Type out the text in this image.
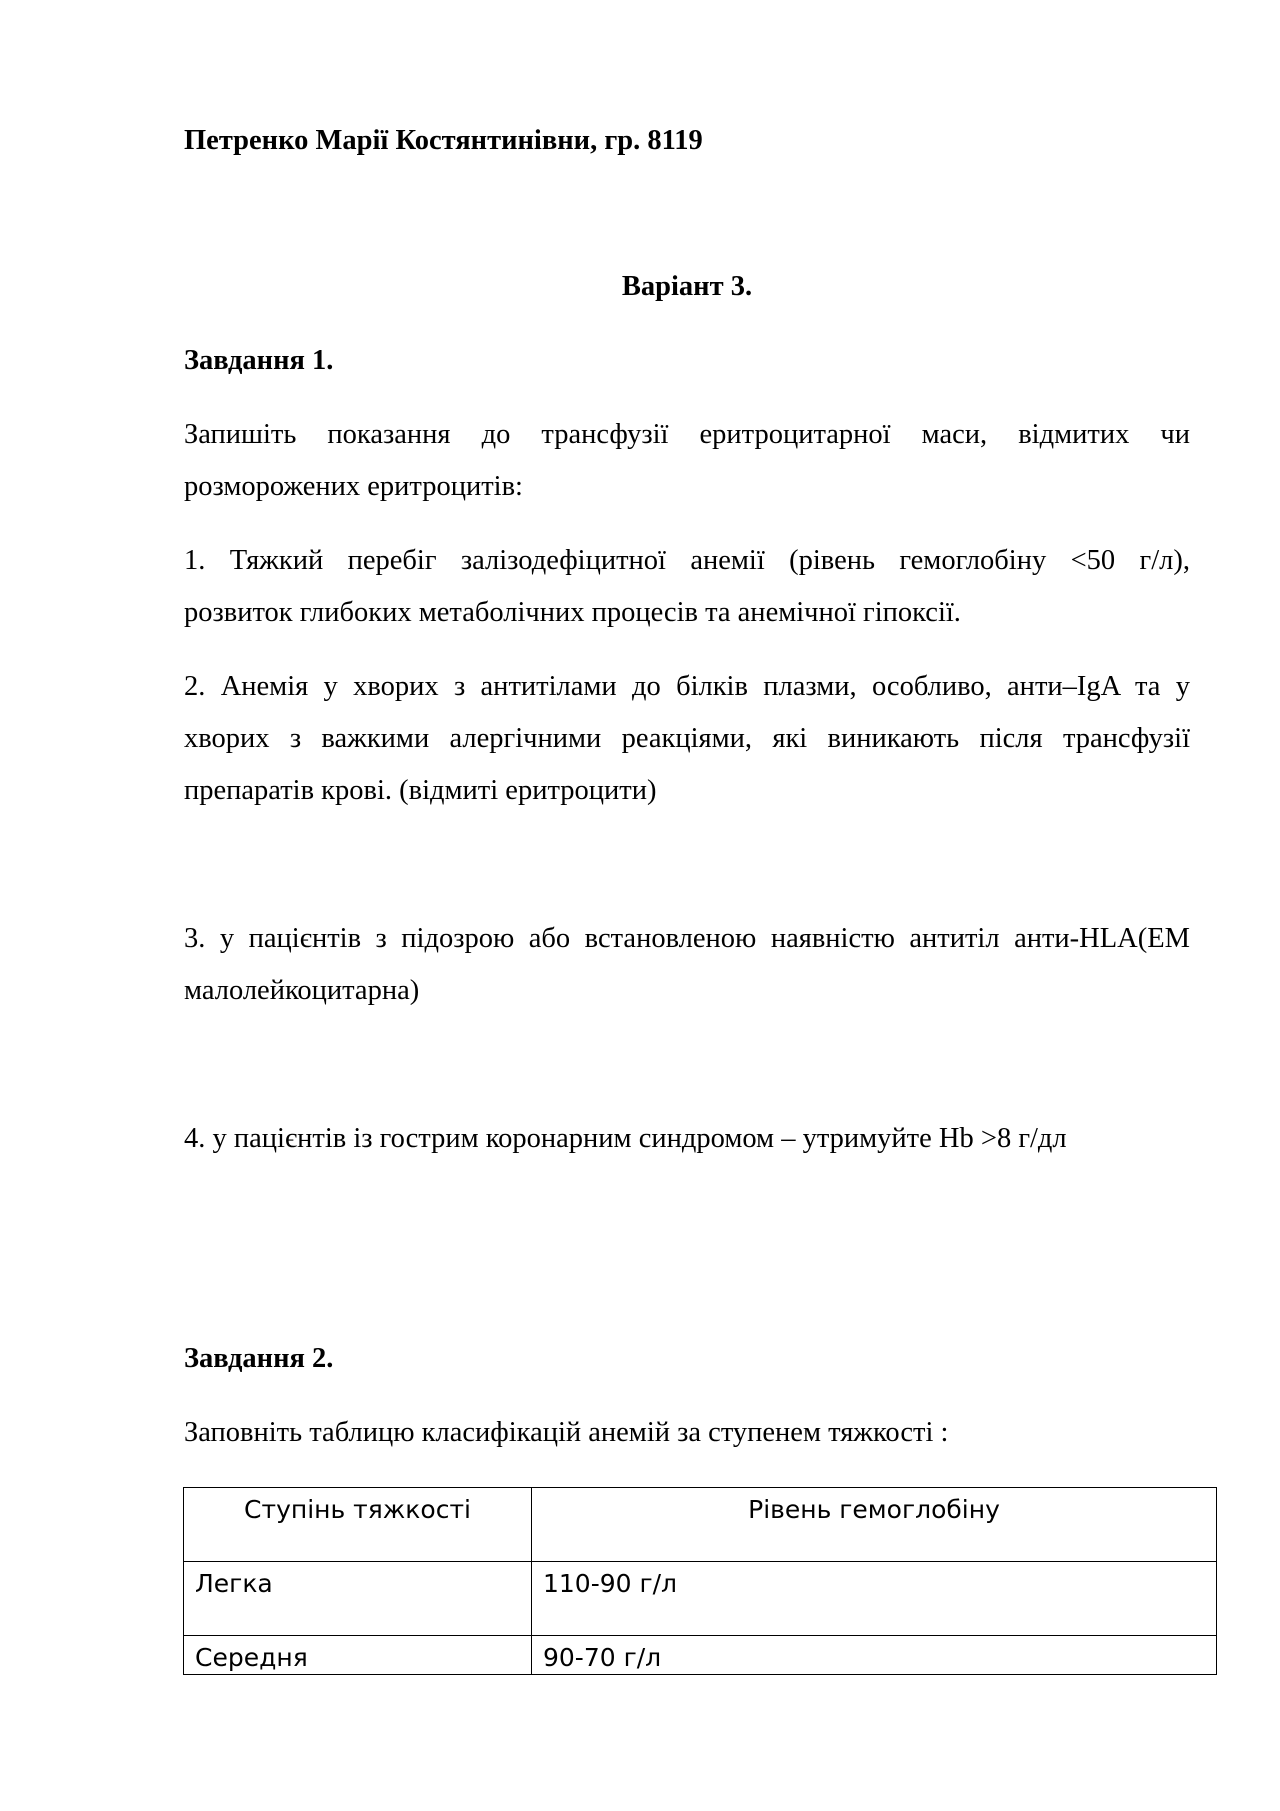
Петренко Марії Костянтинівни, гр. 8119
Варіант 3.
Завдання 1.
Запишіть показання до трансфузії еритроцитарної маси, відмитих чи
розморожених еритроцитів:
1. Тяжкий перебіг залізодефіцитної анемії (рівень гемоглобіну <50 г/л),
розвиток глибоких метаболічних процесів та анемічної гіпоксії.
2. Анемія у хворих з антитілами до білків плазми, особливо, анти–IgA та у
хворих з важкими алергічними реакціями, які виникають після трансфузії
препаратів крові. (відмиті еритроцити)
3. у пацієнтів з підозрою або встановленою наявністю антитіл анти-HLA(ЕМ
малолейкоцитарна)
4. у пацієнтів із гострим коронарним синдромом – утримуйте Hb >8 г/дл
Завдання 2.
Заповніть таблицю класифікацій анемій за ступенем тяжкості :
Ступінь тяжкості	Рівень гемоглобіну
Легка	110-90 г/л
Середня	90-70 г/л
